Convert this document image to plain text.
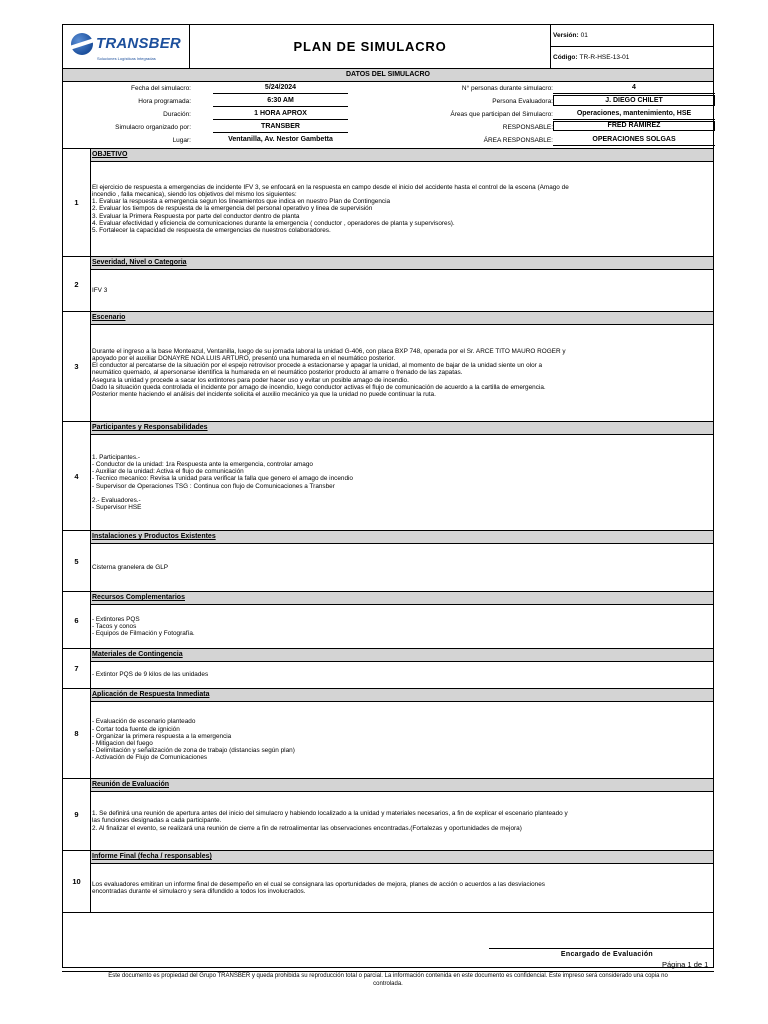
TRANSBER
Soluciones Logísticas Integradas
PLAN DE SIMULACRO
Versión: 01
Código: TR-R-HSE-13-01
DATOS DEL SIMULACRO
Fecha del simulacro:	5/24/2024
Hora programada:	6:30 AM
Duración:	1 HORA APROX
Simulacro organizado por:	TRANSBER
Lugar:	Ventanilla, Av. Nestor Gambetta
N° personas durante simulacro:	4
Persona Evaluadora:	J. DIEGO CHILET
Áreas que participan del Simulacro:	Operaciones, mantenimiento, HSE
RESPONSABLE:	FRED RAMIREZ
ÁREA RESPONSABLE:	OPERACIONES SOLGAS
1
OBJETIVO
El ejercicio de respuesta a emergencias de incidente IFV 3, se enfocará en la respuesta en campo desde el inicio del accidente hasta el control de la escena (Amago de
incendio , falla mecanica), siendo los objetivos del mismo los siguientes:
1. Evaluar la respuesta a emergencia segun los lineamientos que indica en nuestro Plan de Contingencia
2. Evaluar los tiempos de respuesta de la emergencia del personal operativo y linea de supervisión
3. Evaluar la Primera Respuesta por parte del conductor dentro de planta
4. Evaluar efectividad y eficiencia de comunicaciones durante la emergencia ( conductor , operadores de planta y supervisores).
5. Fortalecer la capacidad de respuesta de emergencias de nuestros colaboradores.
2
Severidad, Nivel o Categoria
IFV 3
3
Escenario
Durante el ingreso a la base Monteazul, Ventanilla, luego de su jornada laboral la unidad G-406, con placa BXP 748, operada por el Sr. ARCE TITO MAURO ROGER y
apoyado por el auxiliar DONAYRE NOA LUIS ARTURO, presentó una humareda en el neumático posterior.
El conductor al percatarse de la situación por el espejo retrovisor procede a estacionarse y apagar la unidad, al momento de bajar de la unidad siente un olor a
neumático quemado, al apersonarse identifica la humareda en el neumático posterior producto al amarre o frenado de las zapatas.
Asegura la unidad y procede a sacar los extintores para poder hacer uso y evitar un posible amago de incendio.
Dado la situación queda controlada el incidente por amago de incendio, luego conductor activas el flujo de comunicación de acuerdo a la cartilla de emergencia.
Posterior mente haciendo el análisis del incidente solicita el auxilio mecánico ya que la unidad no puede continuar la ruta.
4
Participantes y Responsabilidades
1. Participantes.-
- Conductor de la unidad: 1ra Respuesta ante la emergencia, controlar amago
- Auxiliar de la unidad: Activa el flujo de comunicación
- Tecnico mecanico: Revisa la unidad para verificar la falla que genero el amago de incendio
- Supervisor de Operaciones TSG : Continua con flujo de Comunicaciones a Transber

2.- Evaluadores.-
- Supervisor HSE
5
Instalaciones y Productos Existentes
Cisterna granelera de GLP
6
Recursos Complementarios
- Extintores PQS
- Tacos y conos
- Equipos de Filmación y Fotografía.
7
Materiales de Contingencia
- Extintor PQS de 9 kilos de las unidades
8
Aplicación de Respuesta Inmediata
- Evaluación de escenario planteado
- Cortar toda fuente de ignición
- Organizar la primera respuesta a la emergencia
- Mitigacion del fuego
- Delimitación y señalización de zona de trabajo (distancias según plan)
- Activación de Flujo de Comunicaciones
9
Reunión de Evaluación
1. Se definirá una reunión de apertura antes del inicio del simulacro y habiendo localizado a la unidad y materiales necesarios, a fin de explicar el escenario planteado y
las funciones designadas a cada participante.
2. Al finalizar el evento, se realizará una reunión de cierre a fin de retroalimentar las observaciones encontradas.(Fortalezas y oportunidades de mejora)
10
Informe Final (fecha / responsables)
Los evaluadores emitiran un informe final de desempeño en el cual se consignara las oportunidades de mejora, planes de acción o acuerdos a las desviaciones
encontradas durante el simulacro y sera difundido a todos los involucrados.
Encargado de Evaluación
Página 1 de 1
Este documento es propiedad del Grupo TRANSBER y queda prohibida su reproducción total o parcial. La información contenida en este documento es confidencial. Este impreso será considerado una copia no
controlada.
